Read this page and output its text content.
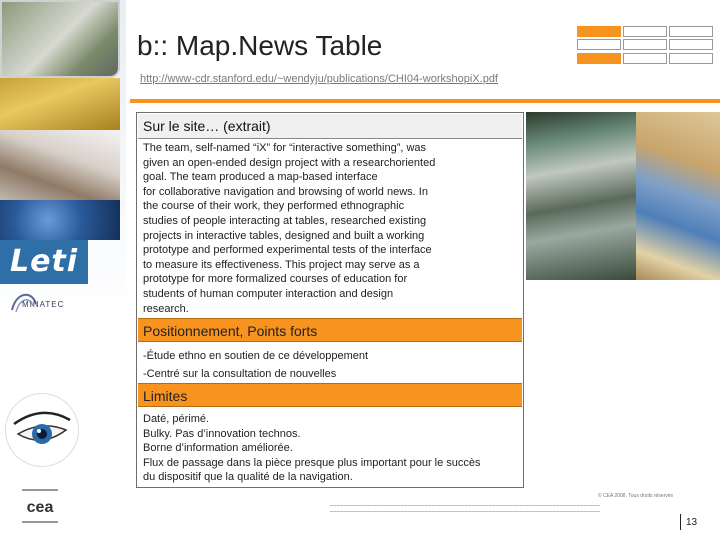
Leti
MINATEC
cea
b:: Map.News Table
http://www-cdr.stanford.edu/~wendyju/publications/CHI04-workshopiX.pdf
Sur le site… (extrait)
The team, self-named “iX” for “interactive something”, was
given an open-ended design project with a researchoriented
goal. The team produced a map-based interface
for collaborative navigation and browsing of world news. In
the course of their work, they performed ethnographic
studies of people interacting at tables, researched existing
projects in interactive tables, designed and built a working
prototype and performed experimental tests of the interface
to measure its effectiveness. This project may serve as a
prototype for more formalized courses of education for
students of human computer interaction and design
research.
Positionnement, Points forts
-Étude ethno en soutien de ce développement
-Centré sur la consultation de nouvelles
Limites
Daté, périmé.
Bulky. Pas d’innovation technos.
Borne d’information améliorée.
Flux de passage dans la pièce presque plus important pour le succès
du dispositif que la qualité de la navigation.
© CEA 2008. Tous droits réservés
▁▁▁▁▁▁▁▁▁▁▁▁▁▁▁▁▁▁▁▁▁▁▁▁▁▁▁▁▁▁▁▁▁▁▁▁▁▁▁▁▁▁▁▁▁▁▁▁▁▁▁▁▁▁▁▁▁▁▁▁▁▁▁▁▁▁▁▁▁▁▁▁▁▁▁▁▁▁▁▁
▁▁▁▁▁▁▁▁▁▁▁▁▁▁▁▁▁▁▁▁▁▁▁▁▁▁▁▁▁▁▁▁▁▁▁▁▁▁▁▁▁▁▁▁▁▁▁▁▁▁▁▁▁▁▁▁▁▁▁▁▁▁▁▁▁▁▁▁▁▁▁▁▁▁▁▁▁▁▁▁
13
